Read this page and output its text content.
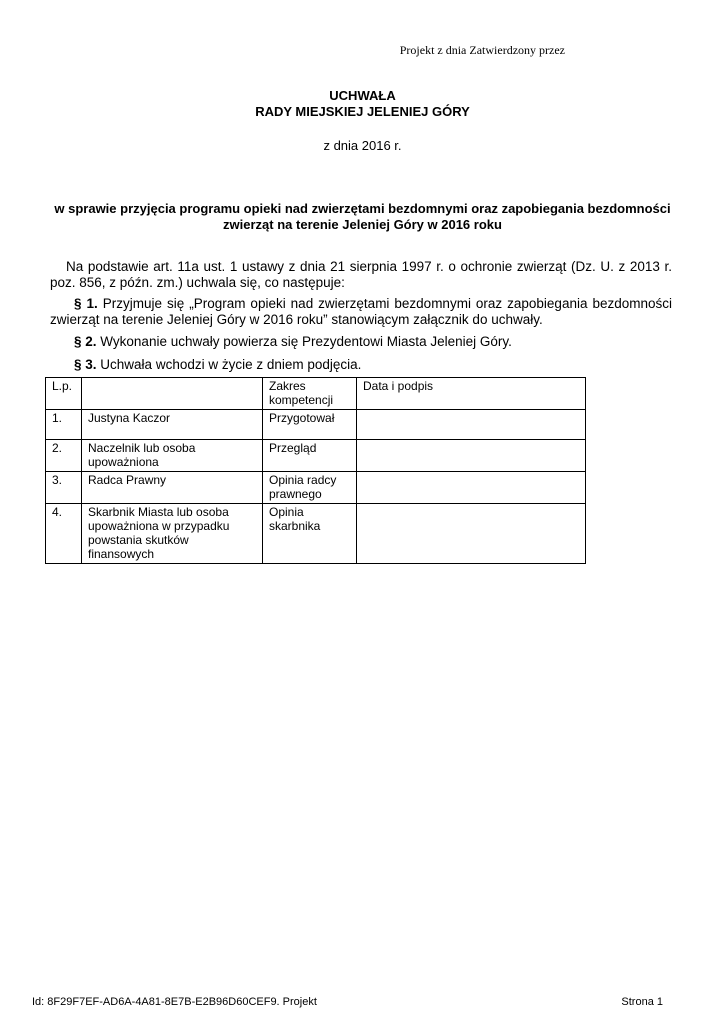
Projekt z dnia Zatwierdzony przez
UCHWAŁA
RADY MIEJSKIEJ JELENIEJ GÓRY
z dnia 2016 r.
w sprawie przyjęcia programu opieki nad zwierzętami bezdomnymi oraz zapobiegania bezdomności
zwierząt na terenie Jeleniej Góry w 2016 roku
Na podstawie art. 11a ust. 1 ustawy z dnia 21 sierpnia 1997 r. o ochronie zwierząt (Dz. U. z 2013 r. poz. 856, z późn. zm.) uchwala się, co następuje:
§ 1. Przyjmuje się „Program opieki nad zwierzętami bezdomnymi oraz zapobiegania bezdomności zwierząt na terenie Jeleniej Góry w 2016 roku” stanowiącym załącznik do uchwały.
§ 2. Wykonanie uchwały powierza się Prezydentowi Miasta Jeleniej Góry.
§ 3. Uchwała wchodzi w życie z dniem podjęcia.
L.p.		Zakres kompetencji	Data i podpis
1.	Justyna Kaczor	Przygotował	
2.	Naczelnik lub osoba upoważniona	Przegląd	
3.	Radca Prawny	Opinia radcy prawnego	
4.	Skarbnik Miasta lub osoba upoważniona w przypadku powstania skutków finansowych	Opinia skarbnika	
Id: 8F29F7EF-AD6A-4A81-8E7B-E2B96D60CEF9. Projekt	Strona 1
